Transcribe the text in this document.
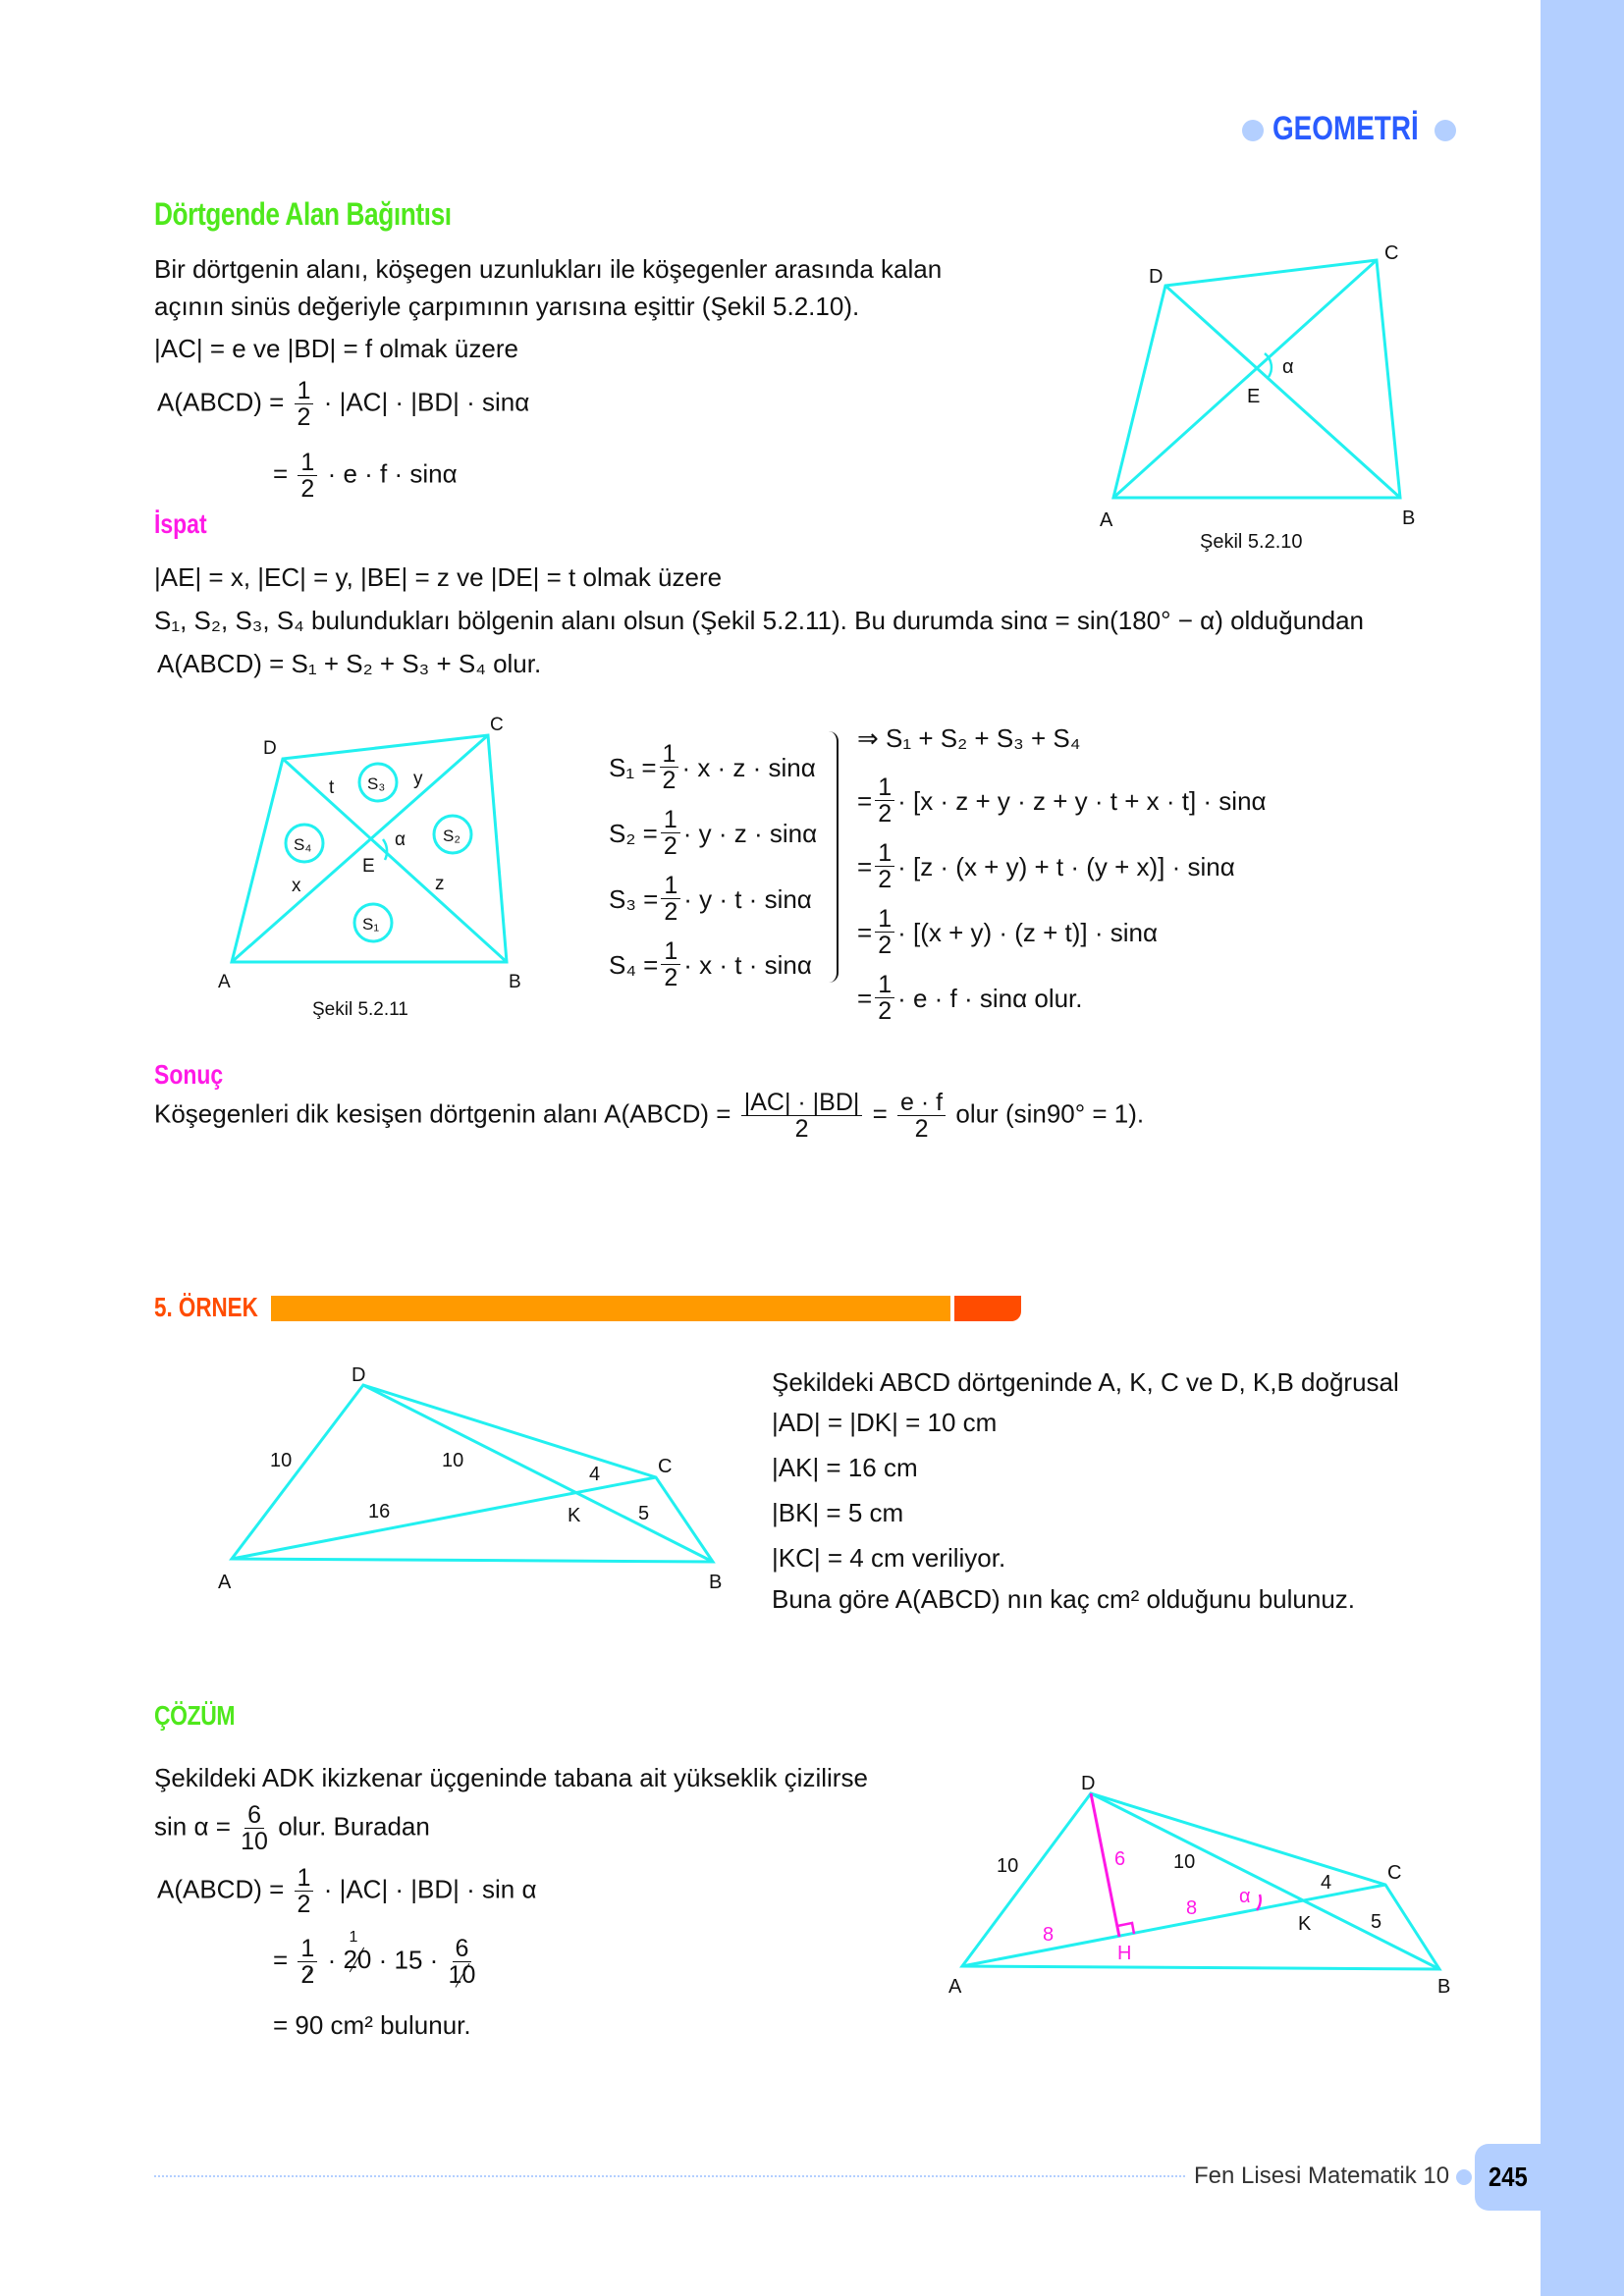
GEOMETRİ
Dörtgende Alan Bağıntısı
Bir dörtgenin alanı, köşegen uzunlukları ile köşegenler arasında kalan
açının sinüs değeriyle çarpımının yarısına eşittir (Şekil 5.2.10).
|AC| = e ve |BD| = f olmak üzere
A(ABCD) = $\frac{1}{2} \cdot |AC| \cdot |BD| \cdot \sin\alpha$
= $\frac{1}{2} \cdot e \cdot f \cdot \sin\alpha$
D
C
A	B
E
α
Şekil 5.2.10
D
C
A	B
E
α
t	y
x	z
S₃
S₂
S₄
S₁
Şekil 5.2.11
D
C
A	B
K
10	10
16
4
5
D
C
A	B
K
H
10	10
6
8
8
4
5
α
İspat
|AE| = x, |EC| = y, |BE| = z ve |DE| = t olmak üzere
S₁, S₂, S₃, S₄ bulundukları bölgenin alanı olsun (Şekil 5.2.11). Bu durumda sinα = sin(180° − α) olduğundan
A(ABCD) = S₁ + S₂ + S₃ + S₄ olur.
$S_1 = \frac{1}{2} \cdot x \cdot z \cdot \sin\alpha$
$S_2 = \frac{1}{2} \cdot y \cdot z \cdot \sin\alpha$
$S_3 = \frac{1}{2} \cdot y \cdot t \cdot \sin\alpha$
$S_4 = \frac{1}{2} \cdot x \cdot t \cdot \sin\alpha$
⇒ S₁ + S₂ + S₃ + S₄
= $\frac{1}{2} \cdot [x \cdot z + y \cdot z + y \cdot t + x \cdot t] \cdot \sin\alpha$
= $\frac{1}{2} \cdot [z \cdot (x + y) + t \cdot (y + x)] \cdot \sin\alpha$
= $\frac{1}{2} \cdot [(x + y) \cdot (z + t)] \cdot \sin\alpha$
= $\frac{1}{2} \cdot e \cdot f \cdot \sin\alpha$ olur.
Sonuç
Köşegenleri dik kesişen dörtgenin alanı A(ABCD) = $\frac{|AC| \cdot |BD|}{2} = \frac{e \cdot f}{2}$ olur (sin90° = 1).
5. ÖRNEK
Şekildeki ABCD dörtgeninde A, K, C ve D, K,B doğrusal
|AD| = |DK| = 10 cm
|AK| = 16 cm
|BK| = 5 cm
|KC| = 4 cm veriliyor.
Buna göre A(ABCD) nın kaç cm² olduğunu bulunuz.
ÇÖZÜM
Şekildeki ADK ikizkenar üçgeninde tabana ait yükseklik çizilirse
$\sin \alpha = \frac{6}{10}$ olur. Buradan
A(ABCD) = $\frac{1}{2} \cdot |AC| \cdot |BD| \cdot \sin \alpha$
= $\frac{1}{2} \cdot 20$
1
· $15 \cdot \frac{6}{10}$
= 90 cm² bulunur.
Fen Lisesi Matematik 10	245
